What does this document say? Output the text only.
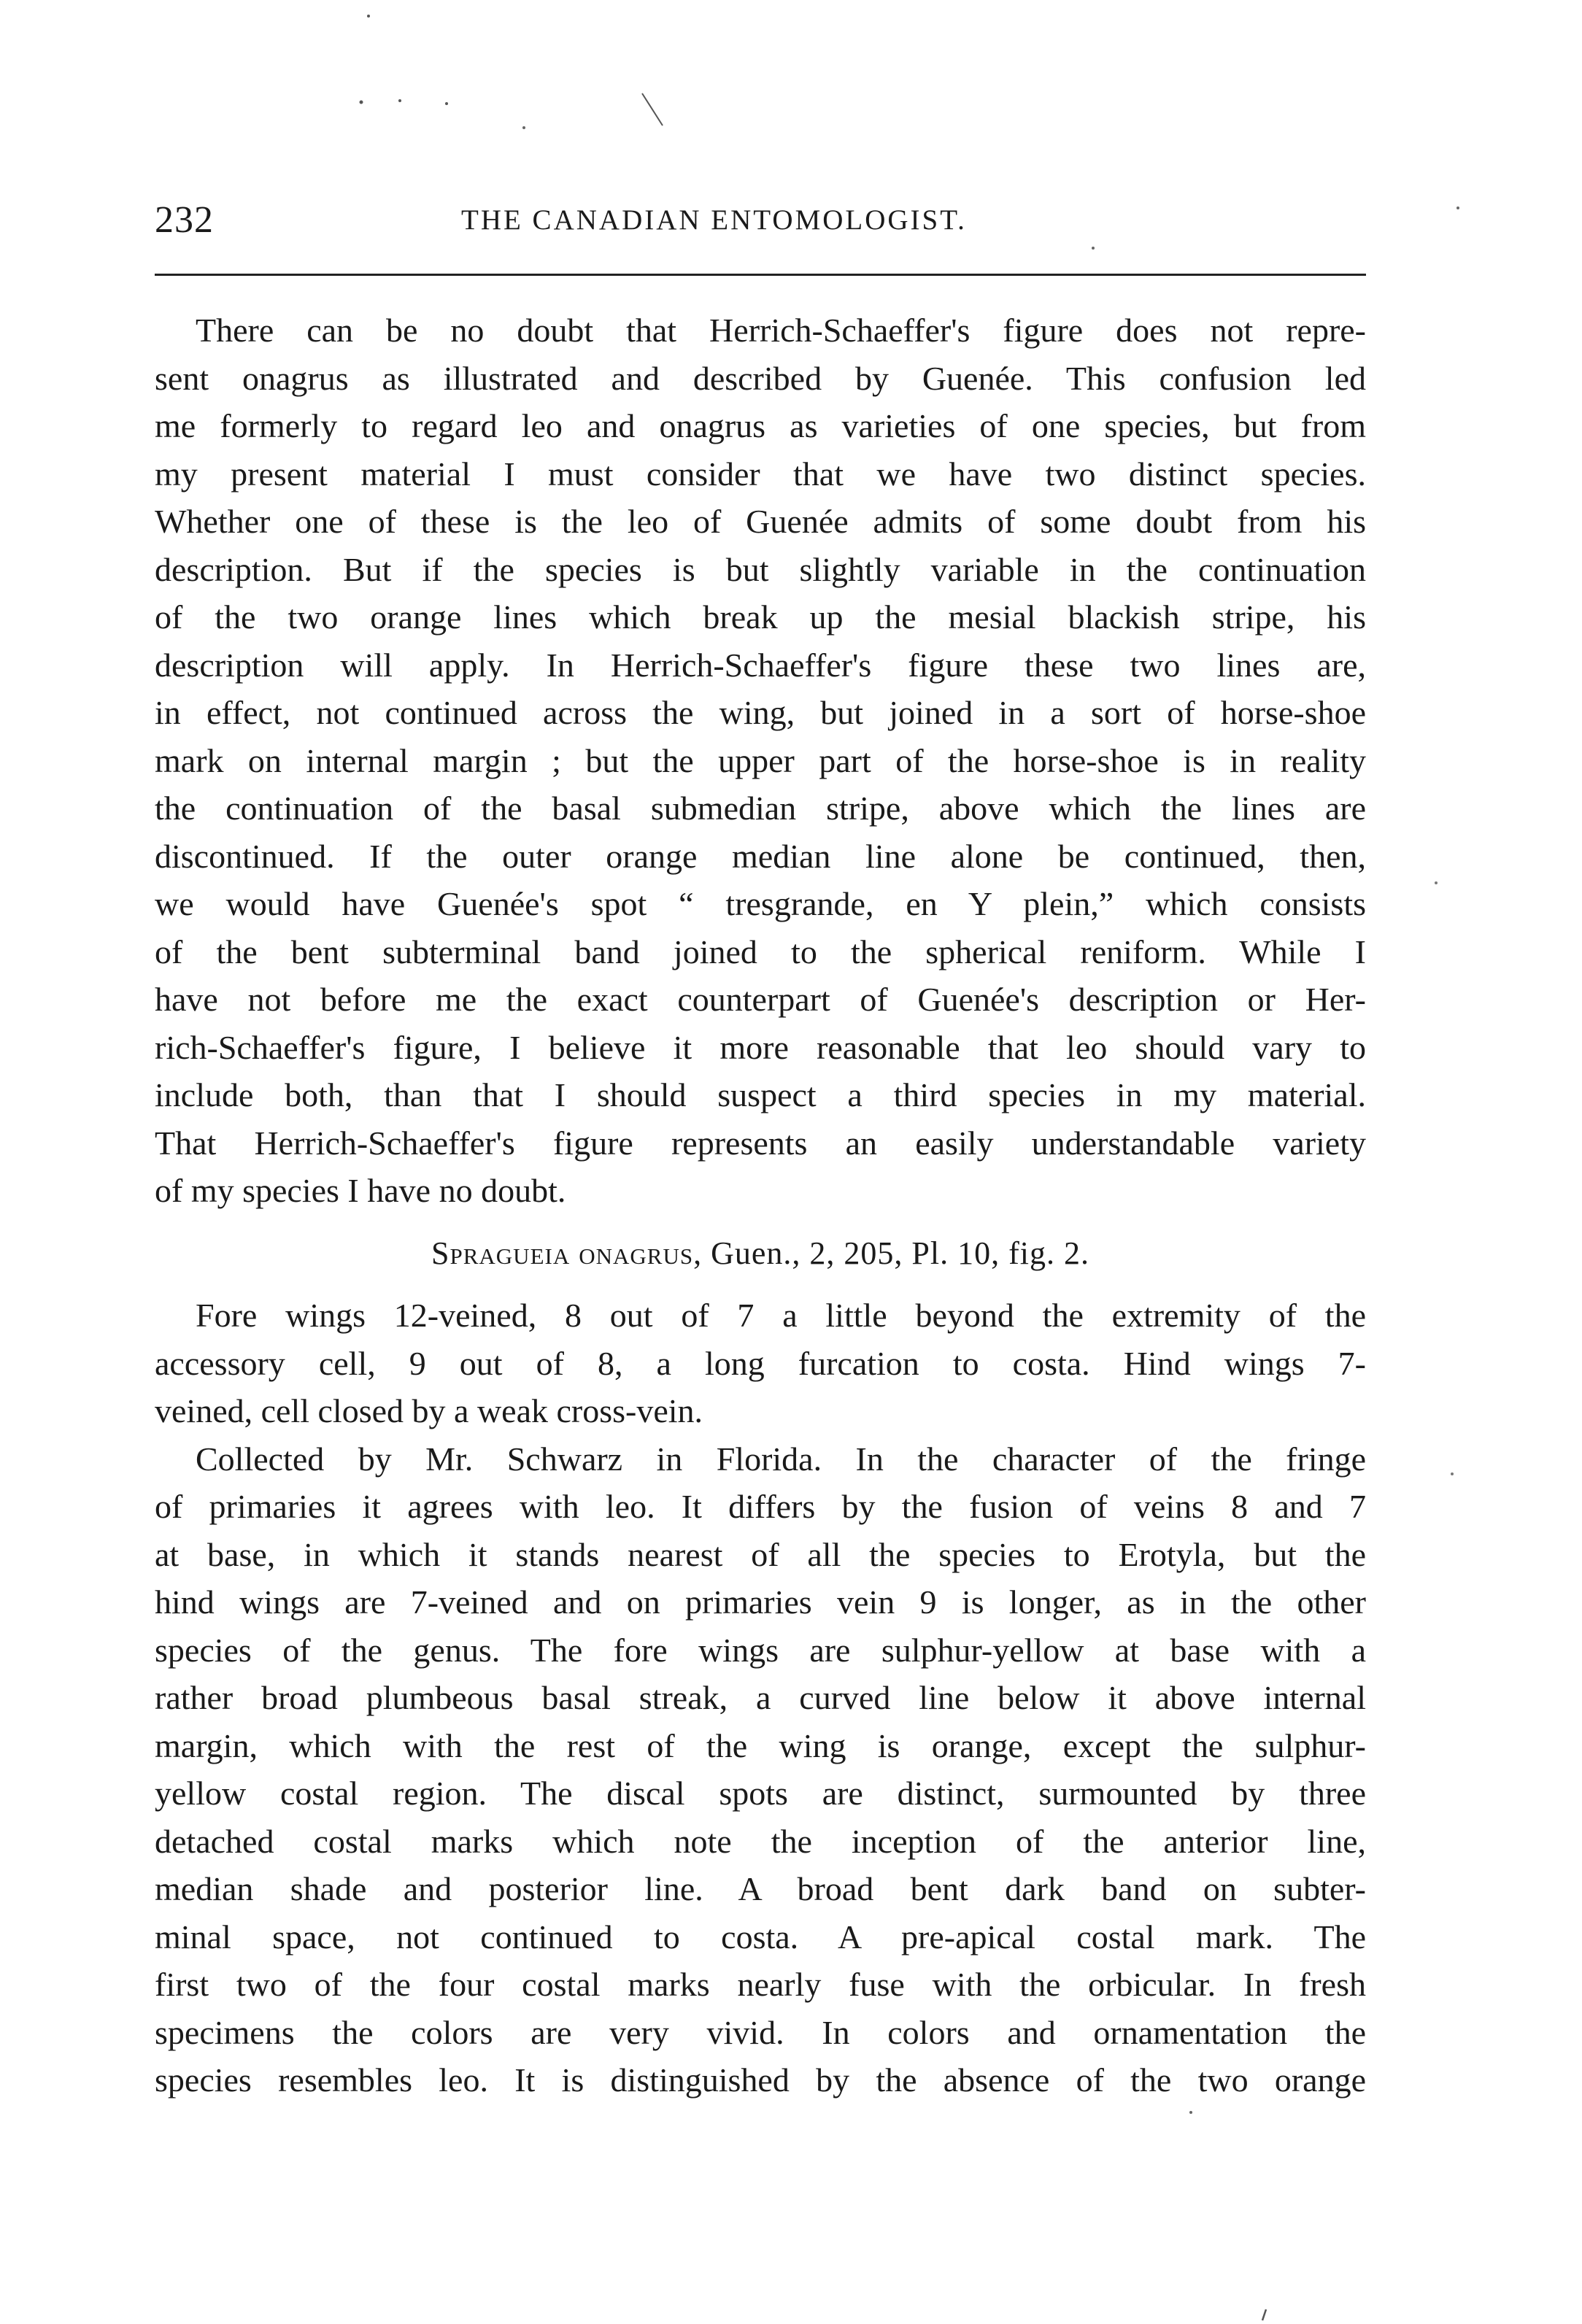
232	THE CANADIAN ENTOMOLOGIST.
There can be no doubt that Herrich-Schaeffer's figure does not repre-
sent onagrus as illustrated and described by Guenée. This confusion led
me formerly to regard leo and onagrus as varieties of one species, but from
my present material I must consider that we have two distinct species.
Whether one of these is the leo of Guenée admits of some doubt from his
description. But if the species is but slightly variable in the continuation
of the two orange lines which break up the mesial blackish stripe, his
description will apply. In Herrich-Schaeffer's figure these two lines are,
in effect, not continued across the wing, but joined in a sort of horse-shoe
mark on internal margin ; but the upper part of the horse-shoe is in reality
the continuation of the basal submedian stripe, above which the lines are
discontinued. If the outer orange median line alone be continued, then,
we would have Guenée's spot “ tresgrande, en Y plein,” which consists
of the bent subterminal band joined to the spherical reniform. While I
have not before me the exact counterpart of Guenée's description or Her-
rich-Schaeffer's figure, I believe it more reasonable that leo should vary to
include both, than that I should suspect a third species in my material.
That Herrich-Schaeffer's figure represents an easily understandable variety
of my species I have no doubt.
Spragueia onagrus, Guen., 2, 205, Pl. 10, fig. 2.
Fore wings 12-veined, 8 out of 7 a little beyond the extremity of the
accessory cell, 9 out of 8, a long furcation to costa. Hind wings 7-
veined, cell closed by a weak cross-vein.
Collected by Mr. Schwarz in Florida. In the character of the fringe
of primaries it agrees with leo. It differs by the fusion of veins 8 and 7
at base, in which it stands nearest of all the species to Erotyla, but the
hind wings are 7-veined and on primaries vein 9 is longer, as in the other
species of the genus. The fore wings are sulphur-yellow at base with a
rather broad plumbeous basal streak, a curved line below it above internal
margin, which with the rest of the wing is orange, except the sulphur-
yellow costal region. The discal spots are distinct, surmounted by three
detached costal marks which note the inception of the anterior line,
median shade and posterior line. A broad bent dark band on subter-
minal space, not continued to costa. A pre-apical costal mark. The
first two of the four costal marks nearly fuse with the orbicular. In fresh
specimens the colors are very vivid. In colors and ornamentation the
species resembles leo. It is distinguished by the absence of the two orange
